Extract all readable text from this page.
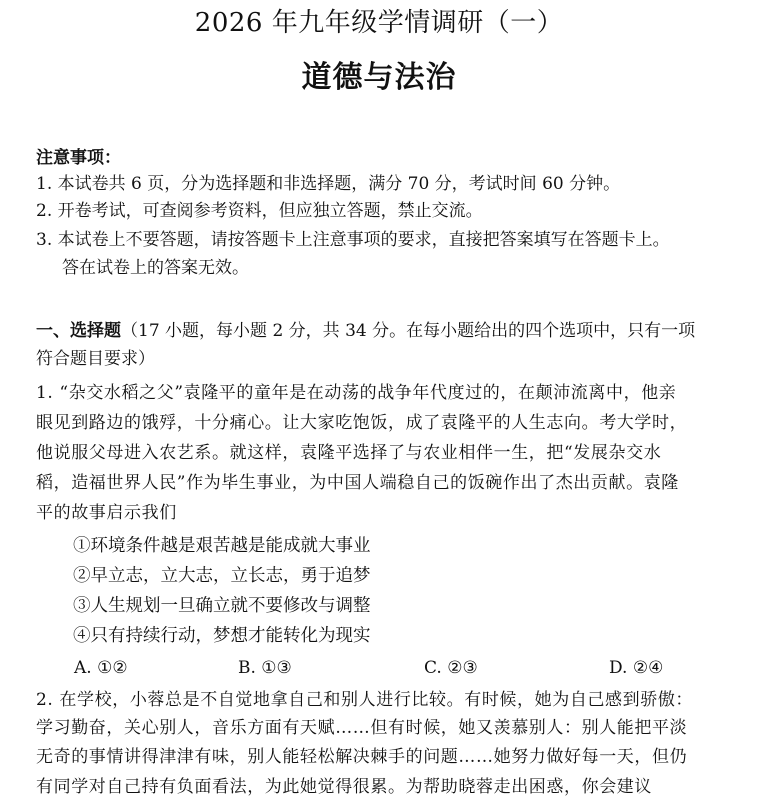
2026 年九年级学情调研（一）
道德与法治
注意事项：
1. 本试卷共 6 页，分为选择题和非选择题，满分 70 分，考试时间 60 分钟。
2. 开卷考试，可查阅参考资料，但应独立答题，禁止交流。
3. 本试卷上不要答题，请按答题卡上注意事项的要求，直接把答案填写在答题卡上。
答在试卷上的答案无效。
一、选择题（17 小题，每小题 2 分，共 34 分。在每小题给出的四个选项中，只有一项
符合题目要求）
1. “杂交水稻之父”袁隆平的童年是在动荡的战争年代度过的，在颠沛流离中，他亲
眼见到路边的饿殍，十分痛心。让大家吃饱饭，成了袁隆平的人生志向。考大学时，
他说服父母进入农艺系。就这样，袁隆平选择了与农业相伴一生，把“发展杂交水
稻，造福世界人民”作为毕生事业，为中国人端稳自己的饭碗作出了杰出贡献。袁隆
平的故事启示我们
①环境条件越是艰苦越是能成就大事业
②早立志，立大志，立长志，勇于追梦
③人生规划一旦确立就不要修改与调整
④只有持续行动，梦想才能转化为现实
A. ①②	B. ①③	C. ②③	D. ②④
2. 在学校，小蓉总是不自觉地拿自己和别人进行比较。有时候，她为自己感到骄傲：
学习勤奋，关心别人，音乐方面有天赋……但有时候，她又羡慕别人：别人能把平淡
无奇的事情讲得津津有味，别人能轻松解决棘手的问题……她努力做好每一天，但仍
有同学对自己持有负面看法，为此她觉得很累。为帮助晓蓉走出困惑，你会建议
